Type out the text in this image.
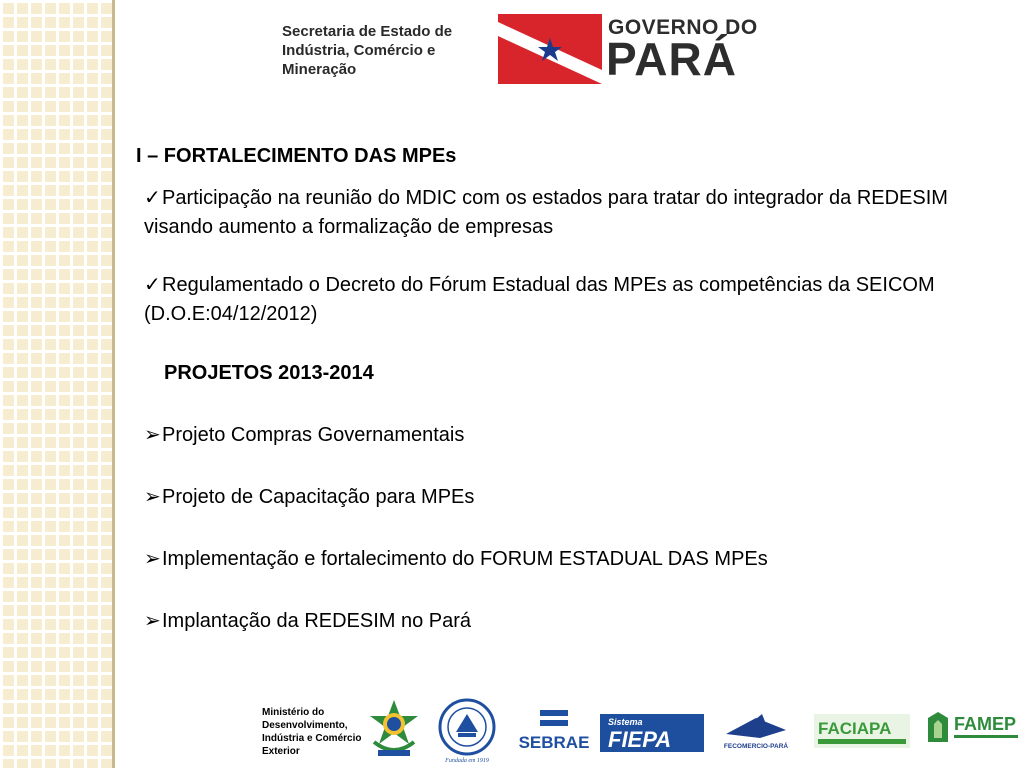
Secretaria de Estado de
Indústria, Comércio e
Mineração
GOVERNO DO
PARÁ

I – FORTALECIMENTO DAS MPEs

✓Participação na reunião do MDIC com os estados para tratar do integrador da REDESIM visando aumento a formalização de empresas
✓Regulamentado o Decreto do Fórum Estadual das MPEs as competências da SEICOM (D.O.E:04/12/2012)

PROJETOS 2013-2014

➢Projeto Compras Governamentais
➢Projeto de Capacitação para MPEs
➢Implementação e fortalecimento do FORUM ESTADUAL DAS MPEs
➢Implantação da REDESIM no Pará
Ministério do Desenvolvimento, Indústria e Comércio Exterior
Fundada em 1919
SEBRAE
Sistema
FIEPA	FECOMERCIO-PARÁ
FACIAPA	FAMEP
